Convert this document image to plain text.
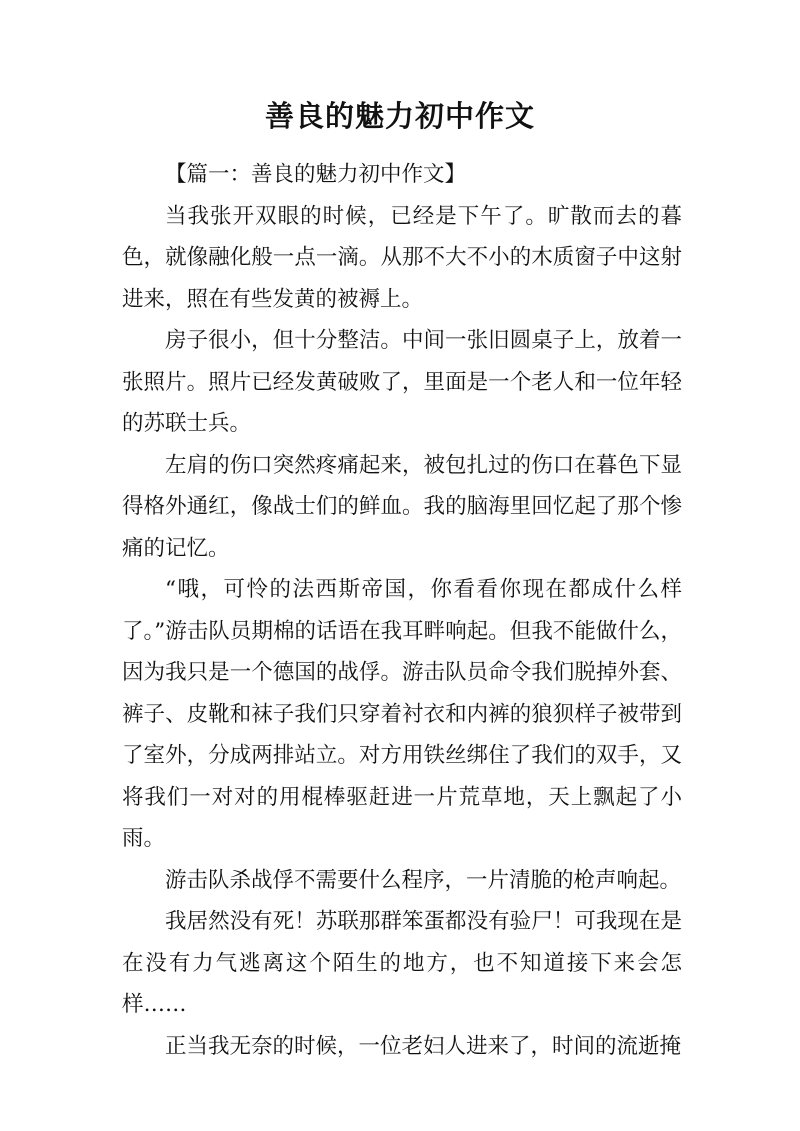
善良的魅力初中作文

【篇一：善良的魅力初中作文】

当我张开双眼的时候，已经是下午了。旷散而去的暮色，就像融化般一点一滴。从那不大不小的木质窗子中这射进来，照在有些发黄的被褥上。

房子很小，但十分整洁。中间一张旧圆桌子上，放着一张照片。照片已经发黄破败了，里面是一个老人和一位年轻的苏联士兵。

左肩的伤口突然疼痛起来，被包扎过的伤口在暮色下显得格外通红，像战士们的鲜血。我的脑海里回忆起了那个惨痛的记忆。

“哦，可怜的法西斯帝国，你看看你现在都成什么样了。”游击队员期棉的话语在我耳畔响起。但我不能做什么，因为我只是一个德国的战俘。游击队员命令我们脱掉外套、裤子、皮靴和袜子我们只穿着衬衣和内裤的狼狈样子被带到了室外，分成两排站立。对方用铁丝绑住了我们的双手，又将我们一对对的用棍棒驱赶进一片荒草地，天上飘起了小雨。

游击队杀战俘不需要什么程序，一片清脆的枪声响起。

我居然没有死！苏联那群笨蛋都没有验尸！可我现在是在没有力气逃离这个陌生的地方，也不知道接下来会怎样……

正当我无奈的时候，一位老妇人进来了，时间的流逝掩
